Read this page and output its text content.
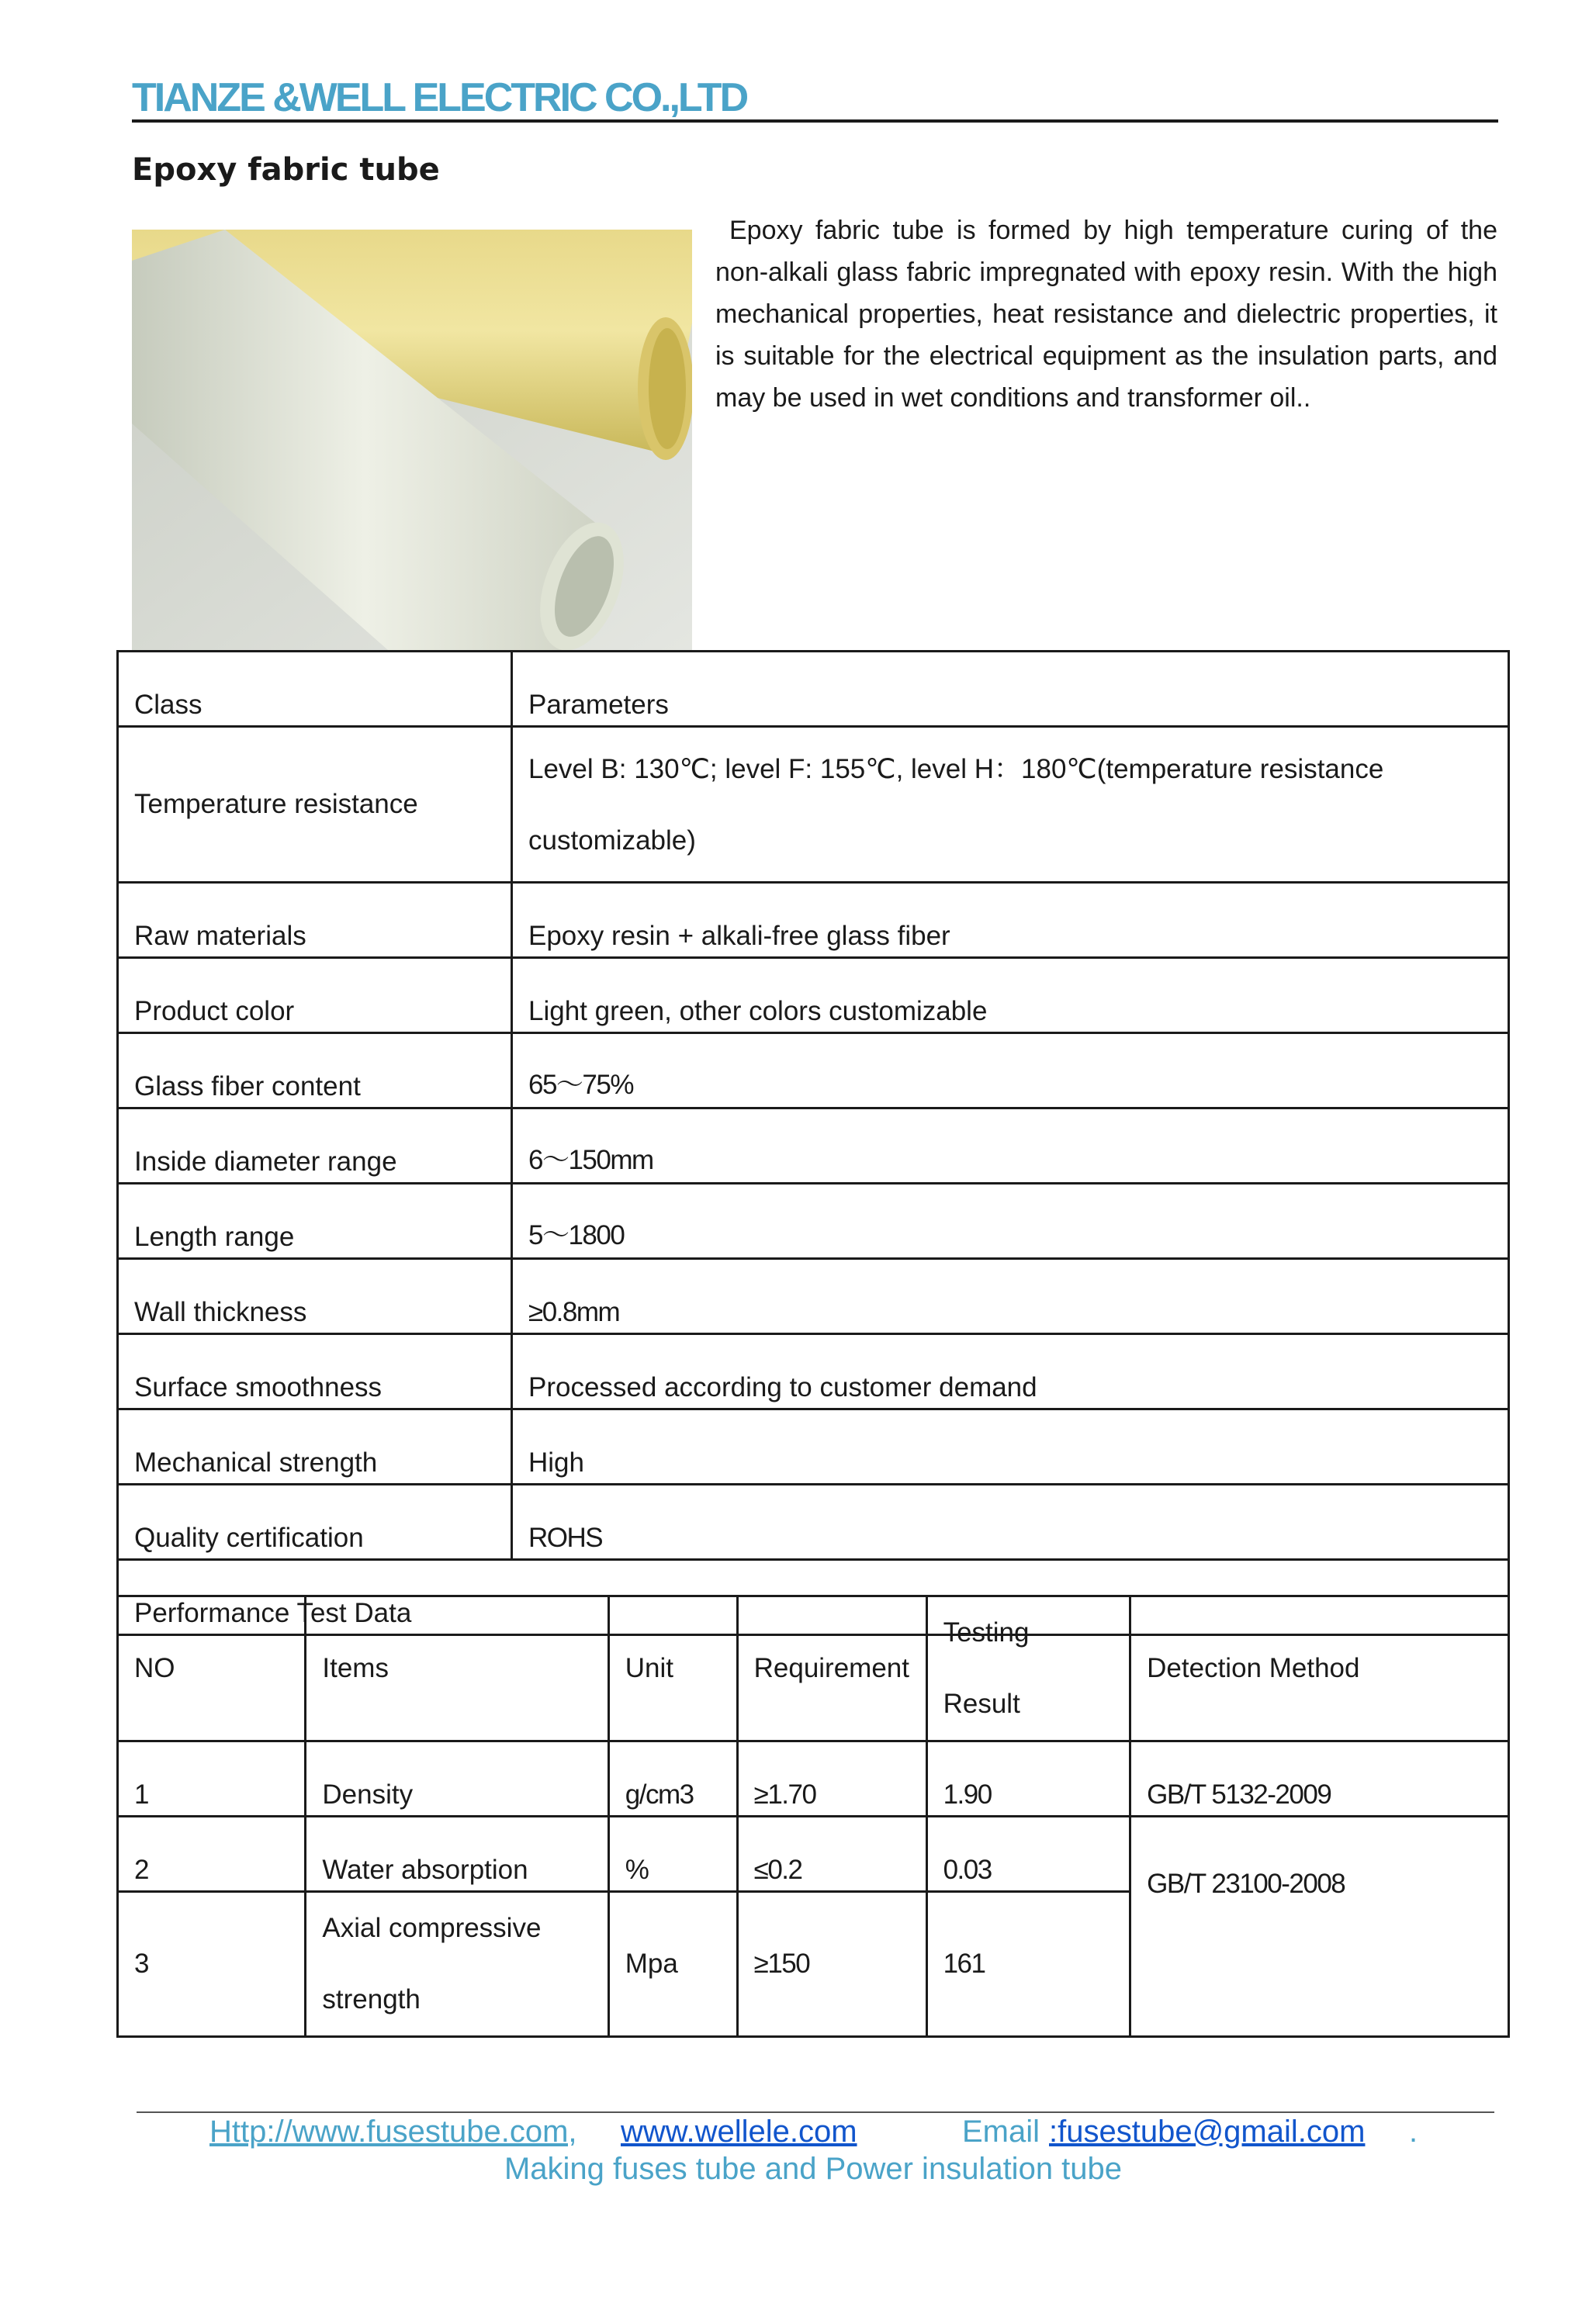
TIANZE &WELL ELECTRIC CO.,LTD
Epoxy fabric tube
Epoxy fabric tube is formed by high temperature curing of the non-alkali glass fabric impregnated with epoxy resin. With the high mechanical properties, heat resistance and dielectric properties, it is suitable for the electrical equipment as the insulation parts, and may be used in wet conditions and transformer oil..
Class	Parameters
Temperature resistance	Level B: 130℃; level F: 155℃, level H：180℃(temperature resistance customizable)
Raw materials	Epoxy resin + alkali-free glass fiber
Product color	Light green, other colors customizable
Glass fiber content	65～75%
Inside diameter range	6～150mm
Length range	5～1800
Wall thickness	≥0.8mm
Surface smoothness	Processed according to customer demand
Mechanical strength	High
Quality certification	ROHS
Performance Test Data	
NO	Items	Unit	Requirement	Testing Result	Detection Method
1	Density	g/cm3	≥1.70	1.90	GB/T 5132-2009
2	Water absorption	%	≤0.2	0.03	GB/T 23100-2008
3	Axial compressive strength	Mpa	≥150	161	

Http://www.fusestube.com,

www.wellele.com

	Email

:fusestube@gmail.com

.

Making fuses tube and Power insulation tube
